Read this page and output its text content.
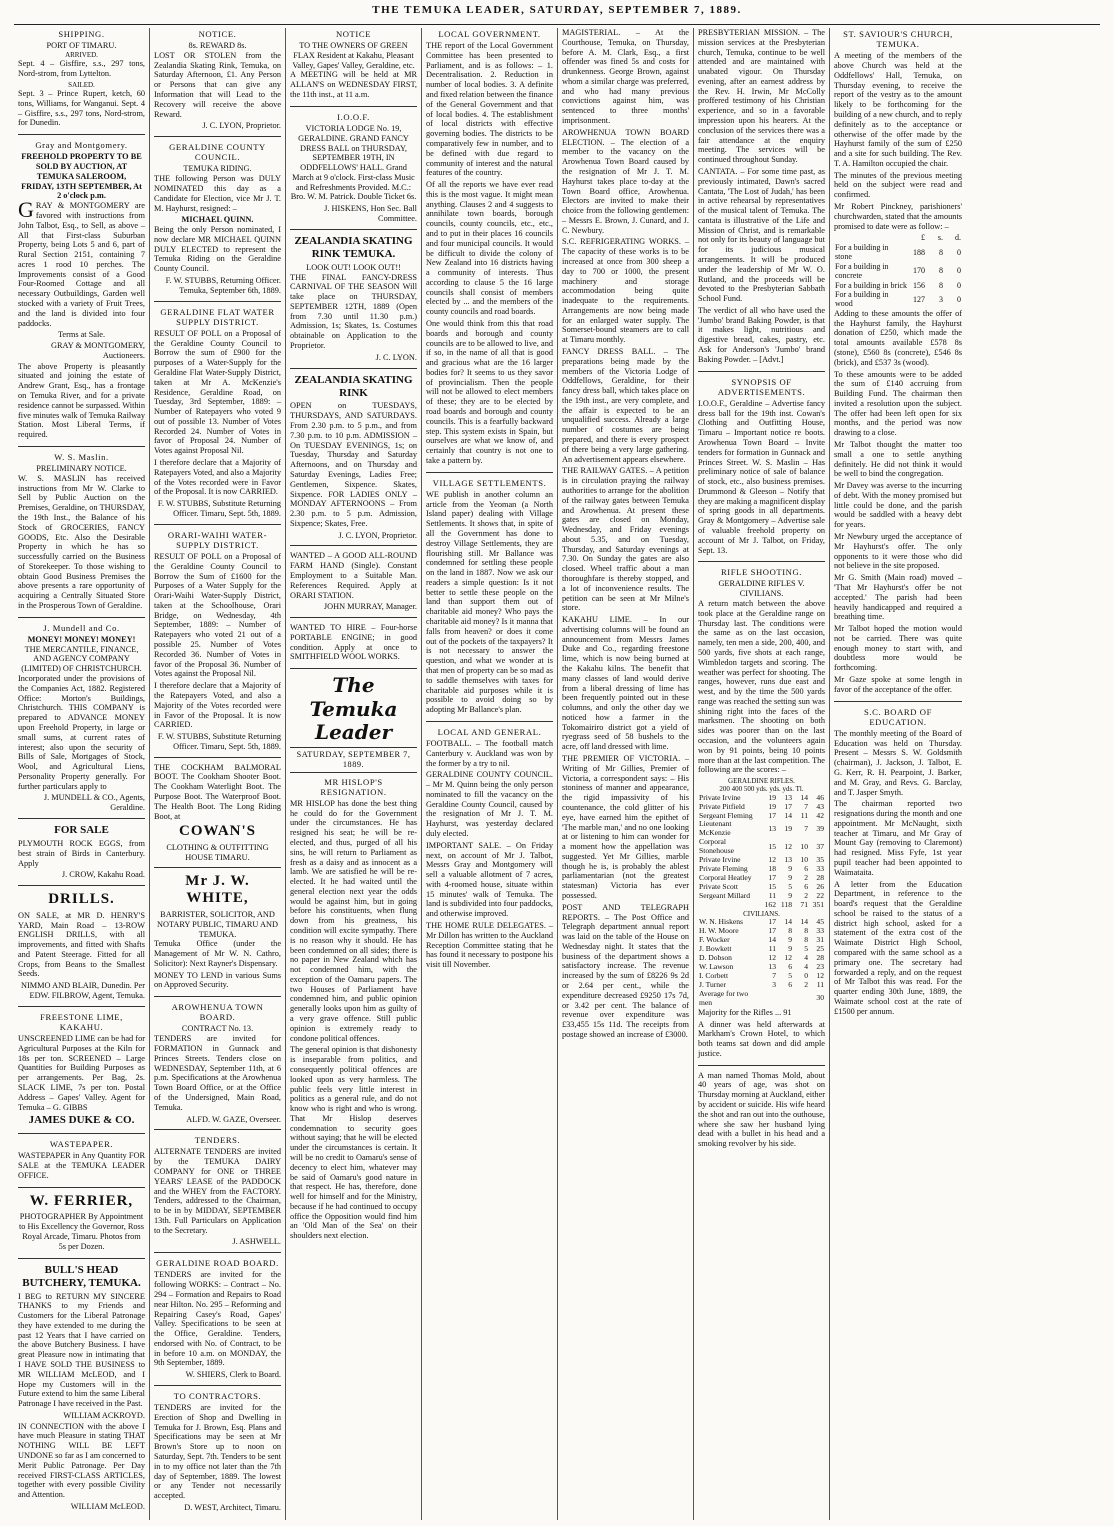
THE TEMUKA LEADER, SATURDAY, SEPTEMBER 7, 1889.
SHIPPING.
PORT OF TIMARU.
ARRIVED.

Sept. 4 – Gisffire, s.s., 297 tons, Nord-strom, from Lyttelton.

SAILED.

Sept. 3 – Prince Rupert, ketch, 60 tons, Williams, for Wanganui. Sept. 4 – Gisffire, s.s., 297 tons, Nord-strom, for Dunedin.

Gray and Montgomery.
FREEHOLD PROPERTY TO BE SOLD BY AUCTION, AT TEMUKA SALEROOM,
FRIDAY, 13TH SEPTEMBER, At 2 o'clock p.m.

GRAY & MONTGOMERY are favored with instructions from John Talbot, Esq., to Sell, as above – All that First-class Suburban Property, being Lots 5 and 6, part of Rural Section 2151, containing 7 acres 1 rood 10 perches. The Improvements consist of a Good Four-Roomed Cottage and all necessary Outbuildings, Garden well stocked with a variety of Fruit Trees, and the land is divided into four paddocks.

Terms at Sale.
GRAY & MONTGOMERY, Auctioneers.

The above Property is pleasantly situated and joining the estate of Andrew Grant, Esq., has a frontage on Temuka River, and for a private residence cannot be surpassed. Within five minutes walk of Temuka Railway Station. Most Liberal Terms, if required.

W. S. Maslin.
PRELIMINARY NOTICE.

W. S. MASLIN has received instructions from Mr W. Clarke to Sell by Public Auction on the Premises, Geraldine, on THURSDAY, the 19th Inst., the Balance of his Stock of GROCERIES, FANCY GOODS, Etc. Also the Desirable Property in which he has so successfully carried on the Business of Storekeeper. To those wishing to obtain Good Business Premises the above presents a rare opportunity of acquiring a Centrally Situated Store in the Prosperous Town of Geraldine.

J. Mundell and Co.
MONEY! MONEY! MONEY!
THE MERCANTILE, FINANCE, AND AGENCY COMPANY (LIMITED) OF CHRISTCHURCH.

Incorporated under the provisions of the Companies Act, 1882. Registered Office: Morton's Buildings, Christchurch. THIS COMPANY is prepared to ADVANCE MONEY upon Freehold Property, in large or small sums, at current rates of interest; also upon the security of Bills of Sale, Mortgages of Stock, Wool, and Agricultural Liens, Personality Property generally. For further particulars apply to

J. MUNDELL & CO., Agents, Geraldine.
FOR SALE

PLYMOUTH ROCK EGGS, from best strain of Birds in Canterbury. Apply

J. CROW, Kakahu Road.
DRILLS.

ON SALE, at MR D. HENRY'S YARD, Main Road – 13-ROW ENGLISH DRILLS, with all improvements, and fitted with Shafts and Patent Steerage. Fitted for all Crops, from Beans to the Smallest Seeds.

NIMMO AND BLAIR, Dunedin. Per EDW. FILBROW, Agent, Temuka.
FREESTONE LIME, KAKAHU.

UNSCREENED LIME can be had for Agricultural Purposes at the Kiln for 18s per ton. SCREENED – Large Quantities for Building Purposes as per arrangements. Per Bag, 2s. SLACK LIME, 7s per ton. Postal Address – Gapes' Valley. Agent for Temuka – G. GIBBS

JAMES DUKE & CO.
WASTEPAPER.

WASTEPAPER in Any Quantity FOR SALE at the TEMUKA LEADER OFFICE.

W. FERRIER,

PHOTOGRAPHER By Appointment to His Excellency the Governor, Ross Royal Arcade, Timaru. Photos from 5s per Dozen.

BULL'S HEAD BUTCHERY, TEMUKA.

I BEG to RETURN MY SINCERE THANKS to my Friends and Customers for the Liberal Patronage they have extended to me during the past 12 Years that I have carried on the above Butchery Business. I have great Pleasure now in intimating that I HAVE SOLD THE BUSINESS to MR WILLIAM McLEOD, and I Hope my Customers will in the Future extend to him the same Liberal Patronage I have received in the Past.

WILLIAM ACKROYD.

IN CONNECTION with the above I have much Pleasure in stating THAT NOTHING WILL BE LEFT UNDONE so far as I am concerned to Merit Public Patronage. Per Day received FIRST-CLASS ARTICLES, together with every possible Civility and Attention.

WILLIAM McLEOD.
NOTICE.
8s. REWARD 8s.

LOST OR STOLEN from the Zealandia Skating Rink, Temuka, on Saturday Afternoon, £1. Any Person or Persons that can give any Information that will Lead to the Recovery will receive the above Reward.

J. C. LYON, Proprietor.
GERALDINE COUNTY COUNCIL.
TEMUKA RIDING.

THE following Person was DULY NOMINATED this day as a Candidate for Election, vice Mr J. T. M. Hayhurst, resigned: –

MICHAEL QUINN.

Being the only Person nominated, I now declare MR MICHAEL QUINN DULY ELECTED to represent the Temuka Riding on the Geraldine County Council.

F. W. STUBBS, Returning Officer. Temuka, September 6th, 1889.
GERALDINE FLAT WATER SUPPLY DISTRICT.

RESULT OF POLL on a Proposal of the Geraldine County Council to Borrow the sum of £900 for the purposes of a Water-Supply for the Geraldine Flat Water-Supply District, taken at Mr A. McKenzie's Residence, Geraldine Road, on Tuesday, 3rd September, 1889: – Number of Ratepayers who voted 9 out of possible 13. Number of Votes Recorded 24. Number of Votes in favor of Proposal 24. Number of Votes against Proposal Nil.

I therefore declare that a Majority of Ratepayers Voted, and also a Majority of the Votes recorded were in Favor of the Proposal. It is now CARRIED.

F. W. STUBBS, Substitute Returning Officer. Timaru, Sept. 5th, 1889.
ORARI-WAIHI WATER-SUPPLY DISTRICT.

RESULT OF POLL on a Proposal of the Geraldine County Council to Borrow the Sum of £1600 for the Purposes of a Water Supply for the Orari-Waihi Water-Supply District, taken at the Schoolhouse, Orari Bridge, on Wednesday, 4th September, 1889: – Number of Ratepayers who voted 21 out of a possible 25. Number of Votes Recorded 36. Number of Votes in favor of the Proposal 36. Number of Votes against the Proposal Nil.

I therefore declare that a Majority of the Ratepayers Voted, and also a Majority of the Votes recorded were in Favor of the Proposal. It is now CARRIED.

F. W. STUBBS, Substitute Returning Officer. Timaru, Sept. 5th, 1889.

THE COCKHAM BALMORAL BOOT. The Cookham Shooter Boot. The Cookham Waterlight Boot. The Purpose Boot. The Waterproof Boot. The Health Boot. The Long Riding Boot, at

COWAN'S
CLOTHING & OUTFITTING HOUSE TIMARU.
Mr J. W. WHITE,
BARRISTER, SOLICITOR, AND NOTARY PUBLIC, TIMARU AND TEMUKA.

Temuka Office (under the Management of Mr W. N. Cathro, Solicitor): Next Rayner's Dispensary.

MONEY TO LEND in various Sums on Approved Security.

AROWHENUA TOWN BOARD.
CONTRACT No. 13.

TENDERS are invited for FORMATION in Gunnack and Princes Streets. Tenders close on WEDNESDAY, September 11th, at 6 p.m. Specifications at the Arowhenua Town Board Office, or at the Office of the Undersigned, Main Road, Temuka.

ALFD. W. GAZE, Overseer.
TENDERS.

ALTERNATE TENDERS are invited by the TEMUKA DAIRY COMPANY for ONE or THREE YEARS' LEASE of the PADDOCK and the WHEY from the FACTORY. Tenders, addressed to the Chairman, to be in by MIDDAY, SEPTEMBER 13th. Full Particulars on Application to the Secretary.

J. ASHWELL.
GERALDINE ROAD BOARD.

TENDERS are invited for the following WORKS: – Contract – No. 294 – Formation and Repairs to Road near Hilton. No. 295 – Reforming and Repairing Casey's Road, Gapes' Valley. Specifications to be seen at the Office, Geraldine. Tenders, endorsed with No. of Contract, to be in before 10 a.m. on MONDAY, the 9th September, 1889.

W. SHIERS, Clerk to Board.
TO CONTRACTORS.

TENDERS are invited for the Erection of Shop and Dwelling in Temuka for J. Brown, Esq. Plans and Specifications may be seen at Mr Brown's Store up to noon on Saturday, Sept. 7th. Tenders to be sent in to my office not later than the 7th day of September, 1889. The lowest or any Tender not necessarily accepted.

D. WEST, Architect, Timaru.
NOTICE
TO THE OWNERS OF GREEN FLAX Resident at Kakahu, Pleasant Valley, Gapes' Valley, Geraldine, etc.

A MEETING will be held at MR ALLAN'S on WEDNESDAY FIRST, the 11th inst., at 11 a.m.

I.O.O.F.

VICTORIA LODGE No. 19, GERALDINE. GRAND FANCY DRESS BALL on THURSDAY, SEPTEMBER 19TH, IN ODDFELLOWS' HALL. Grand March at 9 o'clock. First-class Music and Refreshments Provided. M.C.: Bro. W. M. Patrick. Double Ticket 6s.

J. HISKENS, Hon Sec. Ball Committee.
ZEALANDIA SKATING RINK TEMUKA.
LOOK OUT! LOOK OUT!!

THE FINAL FANCY-DRESS CARNIVAL OF THE SEASON Will take place on THURSDAY, SEPTEMBER 12TH, 1889 (Open from 7.30 until 11.30 p.m.) Admission, 1s; Skates, 1s. Costumes obtainable on Application to the Proprietor.

J. C. LYON.
ZEALANDIA SKATING RINK

OPEN on TUESDAYS, THURSDAYS, AND SATURDAYS. From 2.30 p.m. to 5 p.m., and from 7.30 p.m. to 10 p.m. ADMISSION – On TUESDAY EVENINGS, 1s; on Tuesday, Thursday and Saturday Afternoons, and on Thursday and Saturday Evenings, Ladies Free; Gentlemen, Sixpence. Skates, Sixpence. FOR LADIES ONLY – MONDAY AFTERNOONS – From 2.30 p.m. to 5 p.m. Admission, Sixpence; Skates, Free.

J. C. LYON, Proprietor.

WANTED – A GOOD ALL-ROUND FARM HAND (Single). Constant Employment to a Suitable Man. References Required. Apply at ORARI STATION.

JOHN MURRAY, Manager.

WANTED TO HIRE – Four-horse PORTABLE ENGINE; in good condition. Apply at once to SMITHFIELD WOOL WORKS.

The Temuka Leader
SATURDAY, SEPTEMBER 7, 1889.
MR HISLOP'S RESIGNATION.

MR HISLOP has done the best thing he could do for the Government under the circumstances. He has resigned his seat; he will be re-elected, and thus, purged of all his sins, he will return to Parliament as fresh as a daisy and as innocent as a lamb. We are satisfied he will be re-elected. It he had waited until the general election next year the odds would be against him, but in going before his constituents, when flung down from his greatness, his condition will excite sympathy. There is no reason why it should. He has been condemned on all sides; there is no paper in New Zealand which has not condemned him, with the exception of the Oamaru papers. The two Houses of Parliament have condemned him, and public opinion generally looks upon him as guilty of a very grave offence. Still public opinion is extremely ready to condone political offences.

The general opinion is that dishonesty is inseparable from politics, and consequently political offences are looked upon as very harmless. The public feels very little interest in politics as a general rule, and do not know who is right and who is wrong. That Mr Hislop deserves condemnation to security goes without saying; that he will be elected under the circumstances is certain. It will be no credit to Oamaru's sense of decency to elect him, whatever may be said of Oamaru's good nature in that respect. He has, therefore, done well for himself and for the Ministry, because if he had continued to occupy office the Opposition would find him an 'Old Man of the Sea' on their shoulders next election.

LOCAL GOVERNMENT.

THE report of the Local Government Committee has been presented to Parliament, and is as follows: – 1. Decentralisation. 2. Reduction in number of local bodies. 3. A definite and fixed relation between the finance of the General Government and that of local bodies. 4. The establishment of local districts with effective governing bodies. The districts to be comparatively few in number, and to be defined with due regard to community of interest and the natural features of the country.

Of all the reports we have ever read this is the most vague. It might mean anything. Clauses 2 and 4 suggests to annihilate town boards, borough councils, county councils, etc., etc., and to put in their places 16 councils and four municipal councils. It would be difficult to divide the colony of New Zealand into 16 districts having a community of interests. Thus according to clause 5 the 16 large councils shall consist of members elected by ... and the members of the county councils and road boards.

One would think from this that road boards and borough and county councils are to be allowed to live, and if so, in the name of all that is good and gracious what are the 16 larger bodies for? It seems to us they savor of provincialism. Then the people will not be allowed to elect members of these; they are to be elected by road boards and borough and county councils. This is a fearfully backward step. This system exists in Spain, but ourselves are what we know of, and certainly that country is not one to take a pattern by.

VILLAGE SETTLEMENTS.

WE publish in another column an article from the Yeoman (a North Island paper) dealing with Village Settlements. It shows that, in spite of all the Government has done to destroy Village Settlements, they are flourishing still. Mr Ballance was condemned for settling these people on the land in 1887. Now we ask our readers a simple question: Is it not better to settle these people on the land than support them out of charitable aid money? Who pays the charitable aid money? Is it manna that falls from heaven? or does it come out of the pockets of the taxpayers? It is not necessary to answer the question, and what we wonder at is that men of property can be so mad as to saddle themselves with taxes for charitable aid purposes while it is possible to avoid doing so by adopting Mr Ballance's plan.

LOCAL AND GENERAL.

FOOTBALL. – The football match Canterbury v. Auckland was won by the former by a try to nil.

GERALDINE COUNTY COUNCIL. – Mr M. Quinn being the only person nominated to fill the vacancy on the Geraldine County Council, caused by the resignation of Mr J. T. M. Hayhurst, was yesterday declared duly elected.

IMPORTANT SALE. – On Friday next, on account of Mr J. Talbot, Messrs Gray and Montgomery will sell a valuable allotment of 7 acres, with 4-roomed house, situate within 15 minutes' walk of Temuka. The land is subdivided into four paddocks, and otherwise improved.

THE HOME RULE DELEGATES. – Mr Dillon has written to the Auckland Reception Committee stating that he has found it necessary to postpone his visit till November.

MAGISTERIAL. – At the Courthouse, Temuka, on Thursday, before A. M. Clark, Esq., a first offender was fined 5s and costs for drunkenness. George Brown, against whom a similar charge was preferred, and who had many previous convictions against him, was sentenced to three months' imprisonment.

AROWHENUA TOWN BOARD ELECTION. – The election of a member to the vacancy on the Arowhenua Town Board caused by the resignation of Mr J. T. M. Hayhurst takes place to-day at the Town Board office, Arowhenua. Electors are invited to make their choice from the following gentlemen: – Messrs E. Brown, J. Cunard, and J. C. Newbury.

S.C. REFRIGERATING WORKS. – The capacity of these works is to be increased at once from 300 sheep a day to 700 or 1000, the present machinery and storage accommodation being quite inadequate to the requirements. Arrangements are now being made for an enlarged water supply. The Somerset-bound steamers are to call at Timaru monthly.

FANCY DRESS BALL. – The preparations being made by the members of the Victoria Lodge of Oddfellows, Geraldine, for their fancy dress ball, which takes place on the 19th inst., are very complete, and the affair is expected to be an unqualified success. Already a large number of costumes are being prepared, and there is every prospect of there being a very large gathering. An advertisement appears elsewhere.

THE RAILWAY GATES. – A petition is in circulation praying the railway authorities to arrange for the abolition of the railway gates between Temuka and Arowhenua. At present these gates are closed on Monday, Wednesday, and Friday evenings about 5.35, and on Tuesday, Thursday, and Saturday evenings at 7.30. On Sunday the gates are also closed. Wheel traffic about a man thoroughfare is thereby stopped, and a lot of inconvenience results. The petition can be seen at Mr Milne's store.

KAKAHU LIME. – In our advertising columns will be found an announcement from Messrs James Duke and Co., regarding freestone lime, which is now being burned at the Kakahu kilns. The benefit that many classes of land would derive from a liberal dressing of lime has been frequently pointed out in these columns, and only the other day we noticed how a farmer in the Tokomairiro district got a yield of ryegrass seed of 58 bushels to the acre, off land dressed with lime.

THE PREMIER OF VICTORIA. – Writing of Mr Gillies, Premier of Victoria, a correspondent says: – His stoniness of manner and appearance, the rigid impassivity of his countenance, the cold glitter of his eye, have earned him the epithet of 'The marble man,' and no one looking at or listening to him can wonder for a moment how the appellation was suggested. Yet Mr Gillies, marble though he is, is probably the ablest parliamentarian (not the greatest statesman) Victoria has ever possessed.

POST AND TELEGRAPH REPORTS. – The Post Office and Telegraph department annual report was laid on the table of the House on Wednesday night. It states that the business of the department shows a satisfactory increase. The revenue increased by the sum of £8226 9s 2d or 2.64 per cent., while the expenditure decreased £9250 17s 7d, or 3.42 per cent. The balance of revenue over expenditure was £33,455 15s 11d. The receipts from postage showed an increase of £3000.

PRESBYTERIAN MISSION. – The mission services at the Presbyterian church, Temuka, continue to be well attended and are maintained with unabated vigour. On Thursday evening, after an earnest address by the Rev. H. Irwin, Mr McColly proffered testimony of his Christian experience, and so in a favorable impression upon his hearers. At the conclusion of the services there was a fair attendance at the enquiry meeting. The services will be continued throughout Sunday.

CANTATA. – For some time past, as previously intimated, Dawn's sacred Cantata, 'The Lost of Judah,' has been in active rehearsal by representatives of the musical talent of Temuka. The cantata is illustrative of the Life and Mission of Christ, and is remarkable not only for its beauty of language but for its judicious musical arrangements. It will be produced under the leadership of Mr W. O. Rutland, and the proceeds will be devoted to the Presbyterian Sabbath School Fund.

The verdict of all who have used the 'Jumbo' brand Baking Powder, is that it makes light, nutritious and digestive bread, cakes, pastry, etc. Ask for Anderson's 'Jumbo' brand Baking Powder. – [Advt.]

SYNOPSIS OF ADVERTISEMENTS.

I.O.O.F., Geraldine – Advertise fancy dress ball for the 19th inst. Cowan's Clothing and Outfitting House, Timaru – Important notice re boots. Arowhenua Town Board – Invite tenders for formation in Gunnack and Princes Street. W. S. Maslin – Has preliminary notice of sale of balance of stock, etc., also business premises. Drummond & Gleeson – Notify that they are making a magnificent display of spring goods in all departments. Gray & Montgomery – Advertise sale of valuable freehold property on account of Mr J. Talbot, on Friday, Sept. 13.

RIFLE SHOOTING.
GERALDINE RIFLES V. CIVILIANS.

A return match between the above took place at the Geraldine range on Thursday last. The conditions were the same as on the last occasion, namely, ten men a side, 200, 400, and 500 yards, five shots at each range, Wimbledon targets and scoring. The weather was perfect for shooting. The ranges, however, runs due east and west, and by the time the 500 yards range was reached the setting sun was shining right into the faces of the marksmen. The shooting on both sides was poorer than on the last occasion, and the volunteers again won by 91 points, being 10 points more than at the last competition. The following are the scores: –

GERALDINE RIFLES.
200 400 500 yds. yds. yds. Tl.
Private Irvine	19	13	14	46
Private Pitfield	19	17	7	43
Sergeant Fleming	17	14	11	42
Lieutenant McKenzie	13	19	7	39
Corporal Stonehouse	15	12	10	37
Private Irvine	12	13	10	35
Private Fleming	18	9	6	33
Corporal Heatley	17	9	2	28
Private Scott	15	5	6	26
Sergeant Millard	11	9	2	22
	162	118	71	351
CIVILIANS.
W. N. Hiskens	17	14	14	45
H. W. Moore	17	8	8	33
F. Wocker	14	9	8	31
J. Bowkett	11	9	5	25
D. Dobson	12	12	4	28
W. Lawson	13	6	4	23
I. Corbett	7	5	0	12
J. Turner	3	6	2	11
Average for two men				30

Majority for the Rifles ... 91

A dinner was held afterwards at Markham's Crown Hotel, to which both teams sat down and did ample justice.

A man named Thomas Mold, about 40 years of age, was shot on Thursday morning at Auckland, either by accident or suicide. His wife heard the shot and ran out into the outhouse, where she saw her husband lying dead with a bullet in his head and a smoking revolver by his side.

ST. SAVIOUR'S CHURCH, TEMUKA.

A meeting of the members of the above Church was held at the Oddfellows' Hall, Temuka, on Thursday evening, to receive the report of the vestry as to the amount likely to be forthcoming for the building of a new church, and to reply definitely as to the acceptance or otherwise of the offer made by the Hayhurst family of the sum of £250 and a site for such building. The Rev. T. A. Hamilton occupied the chair.

The minutes of the previous meeting held on the subject were read and confirmed.

Mr Robert Pinckney, parishioners' churchwarden, stated that the amounts promised to date were as follow: –

	£	s.	d.
For a building in stone	188	8	0
For a building in concrete	170	8	0
For a building in brick	156	8	0
For a building in wood	127	3	0

Adding to these amounts the offer of the Hayhurst family, the Hayhurst donation of £250, which made the total amounts available £578 8s (stone), £560 8s (concrete), £546 8s (brick), and £537 3s (wood).

To these amounts were to be added the sum of £140 accruing from Building Fund. The chairman then invited a resolution upon the subject. The offer had been left open for six months, and the period was now drawing to a close.

Mr Talbot thought the matter too small a one to settle anything definitely. He did not think it would be well to bind the congregation.

Mr Davey was averse to the incurring of debt. With the money promised but little could be done, and the parish would be saddled with a heavy debt for years.

Mr Newbury urged the acceptance of Mr Hayhurst's offer. The only opponents to it were those who did not believe in the site proposed.

Mr G. Smith (Main road) moved – 'That Mr Hayhurst's offer be not accepted.' The parish had been heavily handicapped and required a breathing time.

Mr Talbot hoped the motion would not be carried. There was quite enough money to start with, and doubtless more would be forthcoming.

Mr Gaze spoke at some length in favor of the acceptance of the offer.

S.C. BOARD OF EDUCATION.

The monthly meeting of the Board of Education was held on Thursday. Present – Messrs S. W. Goldsmith (chairman), J. Jackson, J. Talbot, E. G. Kerr, R. H. Pearpoint, J. Barker, and M. Gray, and Revs. G. Barclay, and T. Jasper Smyth.

The chairman reported two resignations during the month and one appointment. Mr McNaught, sixth teacher at Timaru, and Mr Gray of Mount Gay (removing to Claremont) had resigned. Miss Fyfe, 1st year pupil teacher had been appointed to Waimataita.

A letter from the Education Department, in reference to the board's request that the Geraldine school be raised to the status of a district high school, asked for a statement of the extra cost of the Waimate District High School, compared with the same school as a primary one. The secretary had forwarded a reply, and on the request of Mr Talbot this was read. For the quarter ending 30th June, 1889, the Waimate school cost at the rate of £1500 per annum.
